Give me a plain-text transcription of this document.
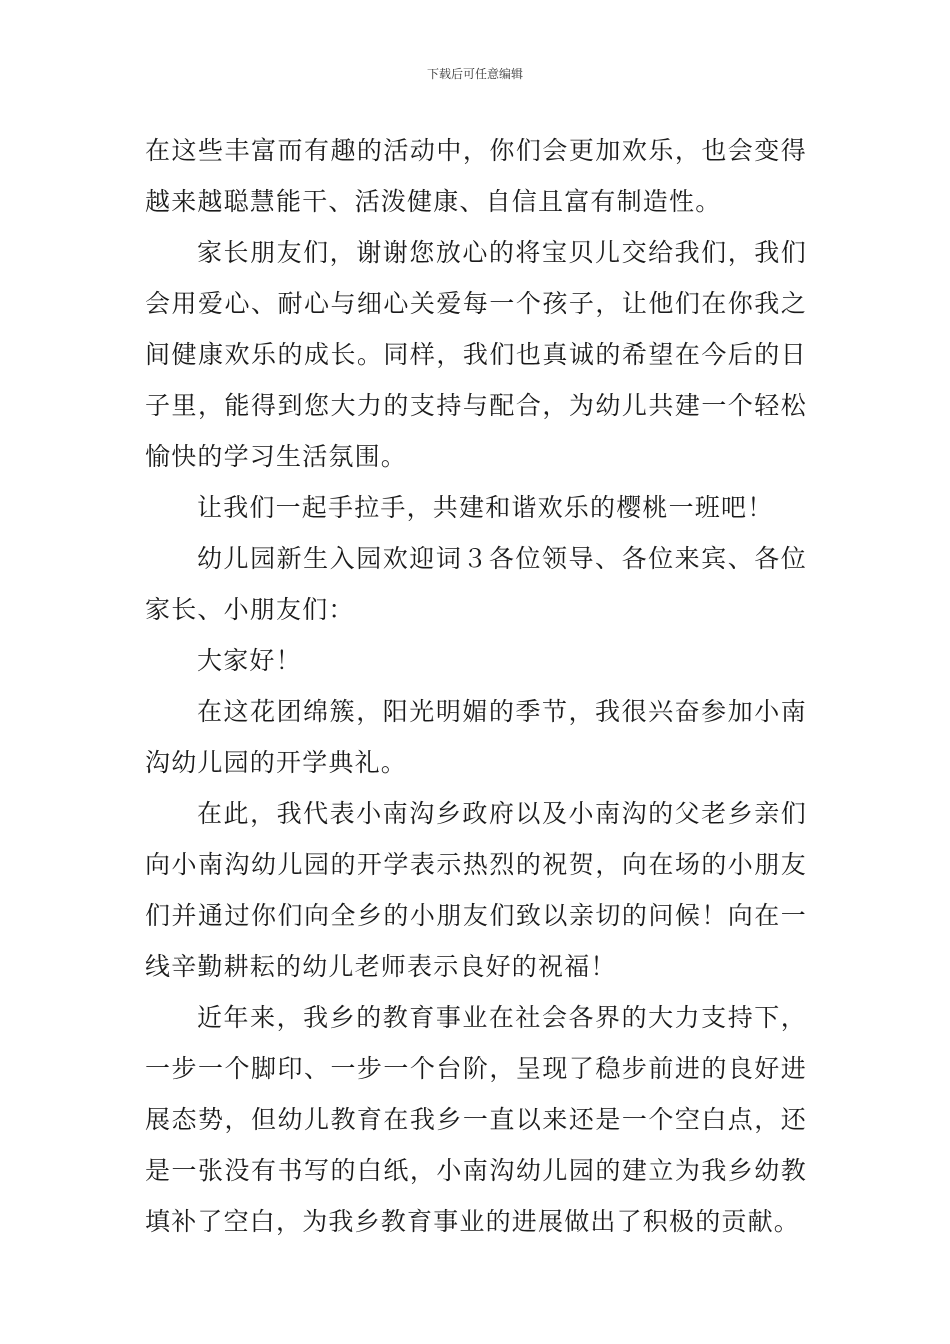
下载后可任意编辑

在这些丰富而有趣的活动中，你们会更加欢乐，也会变得越来越聪慧能干、活泼健康、自信且富有制造性。

家长朋友们，谢谢您放心的将宝贝儿交给我们，我们会用爱心、耐心与细心关爱每一个孩子，让他们在你我之间健康欢乐的成长。同样，我们也真诚的希望在今后的日子里，能得到您大力的支持与配合，为幼儿共建一个轻松愉快的学习生活氛围。

让我们一起手拉手，共建和谐欢乐的樱桃一班吧！

幼儿园新生入园欢迎词３各位领导、各位来宾、各位家长、小朋友们：

大家好！

在这花团绵簇，阳光明媚的季节，我很兴奋参加小南沟幼儿园的开学典礼。

在此，我代表小南沟乡政府以及小南沟的父老乡亲们向小南沟幼儿园的开学表示热烈的祝贺，向在场的小朋友们并通过你们向全乡的小朋友们致以亲切的问候！向在一线辛勤耕耘的幼儿老师表示良好的祝福！

近年来，我乡的教育事业在社会各界的大力支持下，一步一个脚印、一步一个台阶，呈现了稳步前进的良好进展态势，但幼儿教育在我乡一直以来还是一个空白点，还是一张没有书写的白纸，小南沟幼儿园的建立为我乡幼教填补了空白，为我乡教育事业的进展做出了积极的贡献。
